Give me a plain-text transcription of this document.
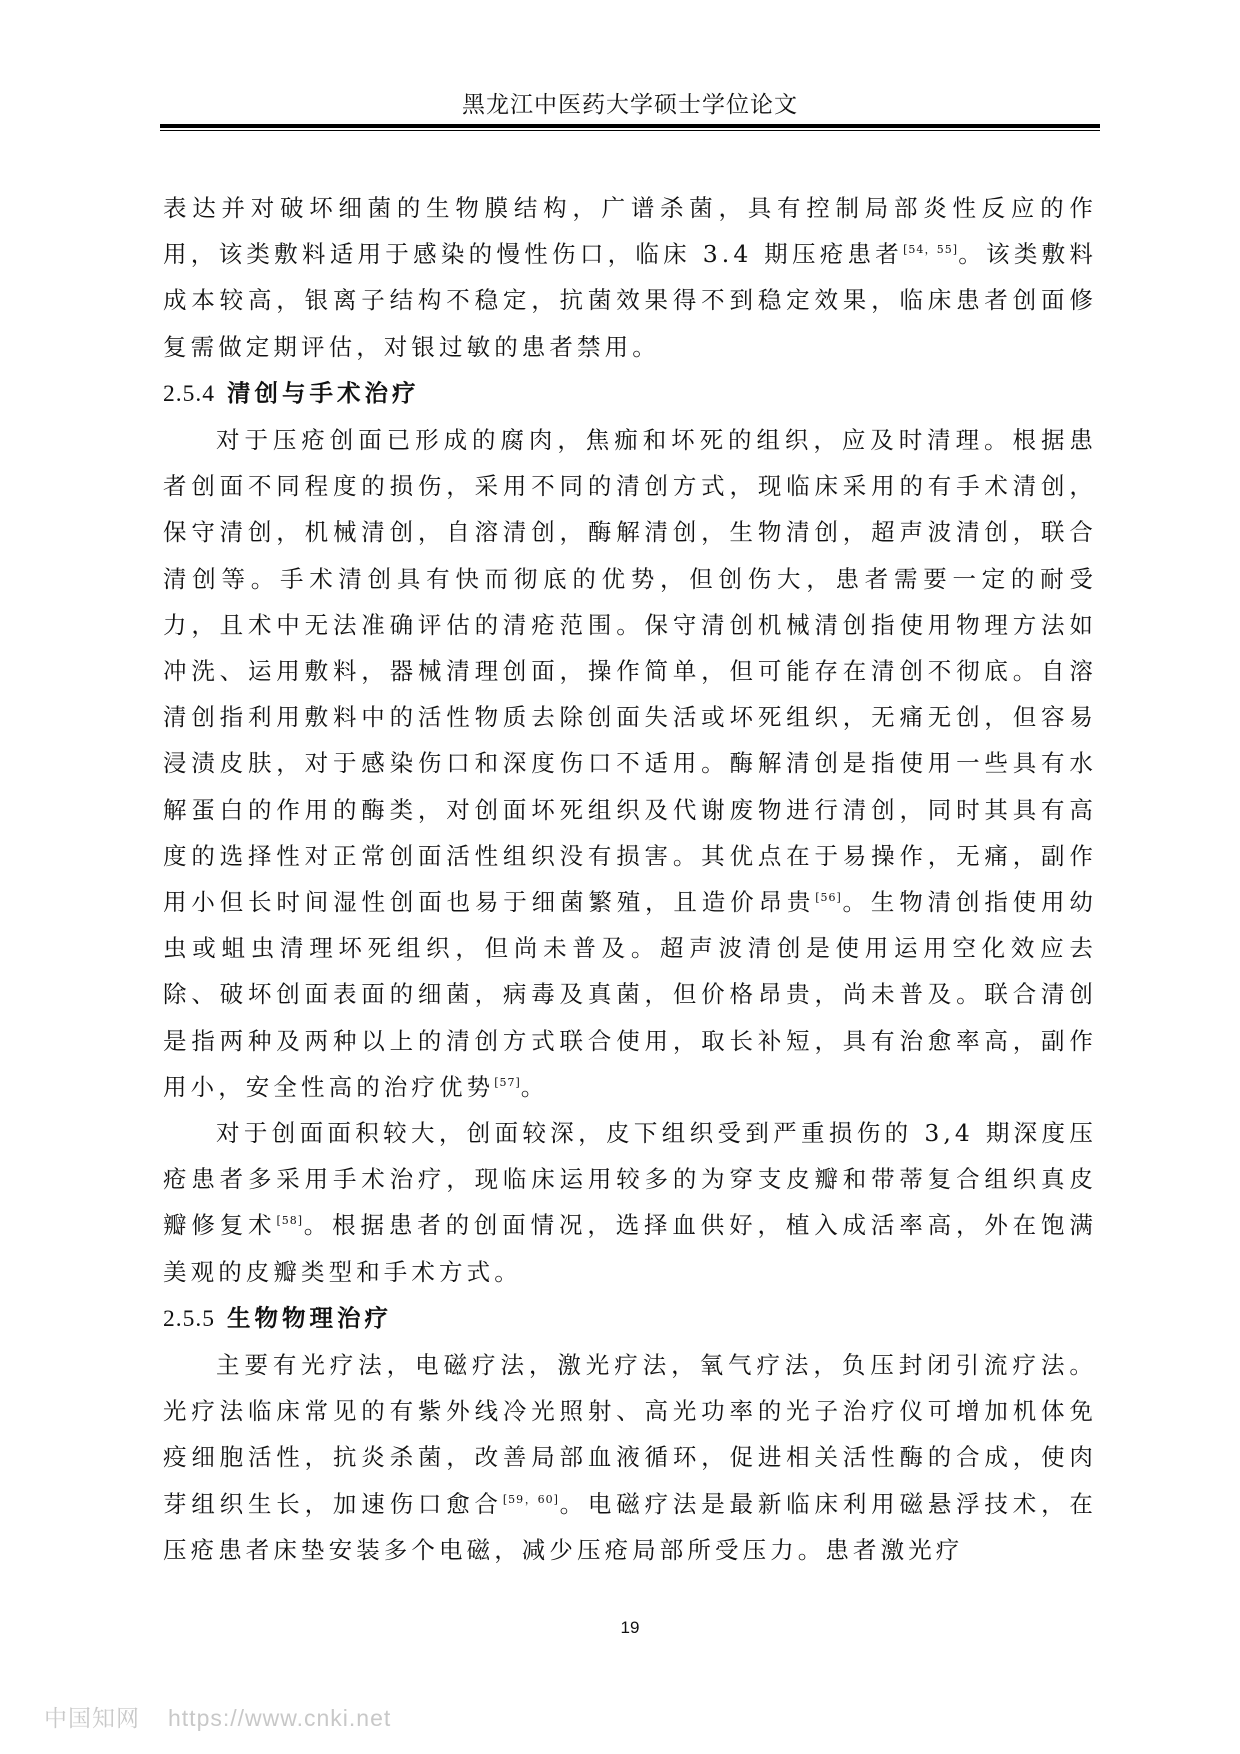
黑龙江中医药大学硕士学位论文

表达并对破坏细菌的生物膜结构，广谱杀菌，具有控制局部炎性反应的作用，该类敷料适用于感染的慢性伤口，临床 3.4 期压疮患者[54，55]。该类敷料成本较高，银离子结构不稳定，抗菌效果得不到稳定效果，临床患者创面修复需做定期评估，对银过敏的患者禁用。

2.5.4 清创与手术治疗

对于压疮创面已形成的腐肉，焦痂和坏死的组织，应及时清理。根据患者创面不同程度的损伤，采用不同的清创方式，现临床采用的有手术清创，保守清创，机械清创，自溶清创，酶解清创，生物清创，超声波清创，联合清创等。手术清创具有快而彻底的优势，但创伤大，患者需要一定的耐受力，且术中无法准确评估的清疮范围。保守清创机械清创指使用物理方法如冲洗、运用敷料，器械清理创面，操作简单，但可能存在清创不彻底。自溶清创指利用敷料中的活性物质去除创面失活或坏死组织，无痛无创，但容易浸渍皮肤，对于感染伤口和深度伤口不适用。酶解清创是指使用一些具有水解蛋白的作用的酶类，对创面坏死组织及代谢废物进行清创，同时其具有高度的选择性对正常创面活性组织没有损害。其优点在于易操作，无痛，副作用小但长时间湿性创面也易于细菌繁殖，且造价昂贵[56]。生物清创指使用幼虫或蛆虫清理坏死组织，但尚未普及。超声波清创是使用运用空化效应去除、破坏创面表面的细菌，病毒及真菌，但价格昂贵，尚未普及。联合清创是指两种及两种以上的清创方式联合使用，取长补短，具有治愈率高，副作用小，安全性高的治疗优势[57]。

对于创面面积较大，创面较深，皮下组织受到严重损伤的 3,4 期深度压疮患者多采用手术治疗，现临床运用较多的为穿支皮瓣和带蒂复合组织真皮瓣修复术[58]。根据患者的创面情况，选择血供好，植入成活率高，外在饱满美观的皮瓣类型和手术方式。

2.5.5 生物物理治疗

主要有光疗法，电磁疗法，激光疗法，氧气疗法，负压封闭引流疗法。光疗法临床常见的有紫外线冷光照射、高光功率的光子治疗仪可增加机体免疫细胞活性，抗炎杀菌，改善局部血液循环，促进相关活性酶的合成，使肉芽组织生长，加速伤口愈合[59，60]。电磁疗法是最新临床利用磁悬浮技术，在压疮患者床垫安装多个电磁，减少压疮局部所受压力。患者激光疗

19
中国知网 https://www.cnki.net
